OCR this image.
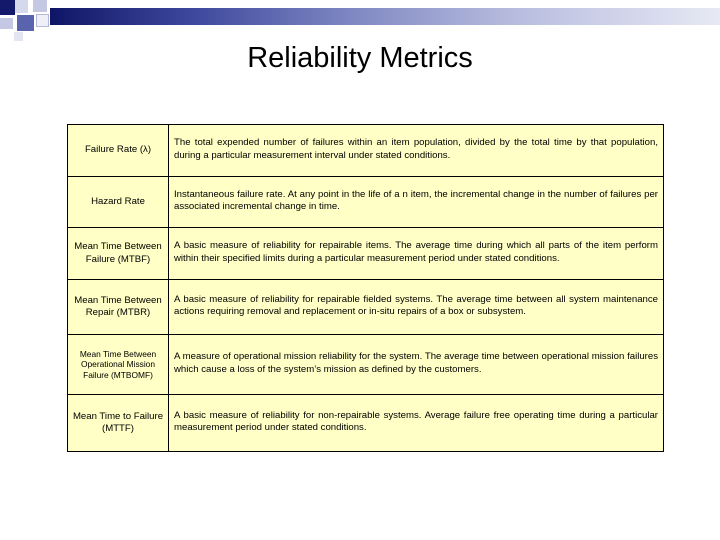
Reliability Metrics
Failure Rate (λ)	The total expended number of failures within an item population, divided by the total time by that population, during a particular measurement interval under stated conditions.
Hazard Rate	Instantaneous failure rate. At any point in the life of a n item, the incremental change in the number of failures per associated incremental change in time.
Mean Time Between Failure (MTBF)	A basic measure of reliability for repairable items. The average time during which all parts of the item perform within their specified limits during a particular measurement period under stated conditions.
Mean Time Between Repair (MTBR)	A basic measure of reliability for repairable fielded systems. The average time between all system maintenance actions requiring removal and replacement or in-situ repairs of a box or subsystem.
Mean Time Between Operational Mission Failure (MTBOMF)	A measure of operational mission reliability for the system. The average time between operational mission failures which cause a loss of the system’s mission as defined by the customers.
Mean Time to Failure (MTTF)	A basic measure of reliability for non-repairable systems. Average failure free operating time during a particular measurement period under stated conditions.
